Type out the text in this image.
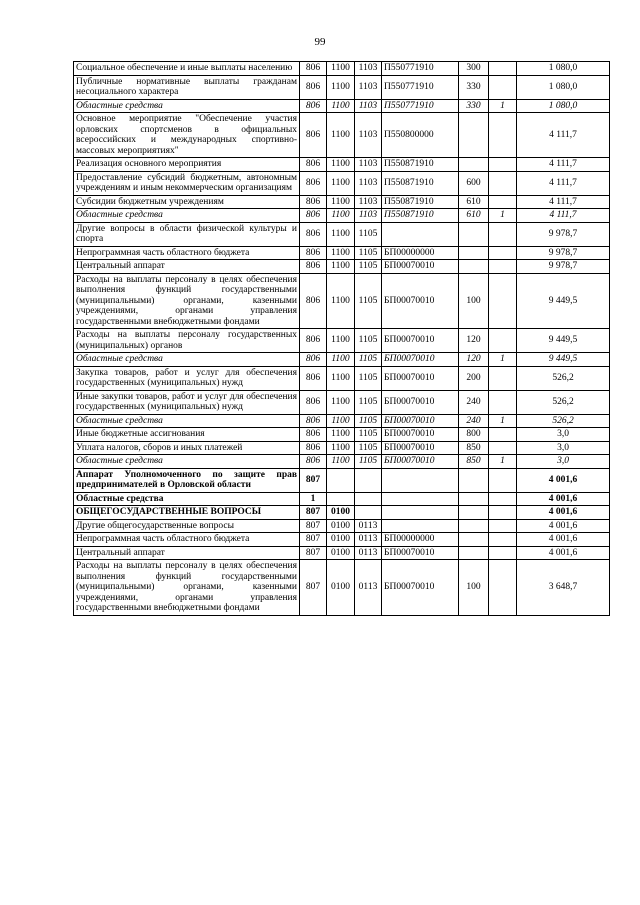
99
Социальное обеспечение и иные выплаты населению	806	1100	1103	П550771910	300		1 080,0
Публичные нормативные выплаты гражданам несоциального характера	806	1100	1103	П550771910	330		1 080,0
Областные средства	806	1100	1103	П550771910	330	1	1 080,0
Основное мероприятие "Обеспечение участия орловских спортсменов в официальных всероссийских и международных спортивно-массовых мероприятиях"	806	1100	1103	П550800000			4 111,7
Реализация основного мероприятия	806	1100	1103	П550871910			4 111,7
Предоставление субсидий бюджетным, автономным учреждениям и иным некоммерческим организациям	806	1100	1103	П550871910	600		4 111,7
Субсидии бюджетным учреждениям	806	1100	1103	П550871910	610		4 111,7
Областные средства	806	1100	1103	П550871910	610	1	4 111,7
Другие вопросы в области физической культуры и спорта	806	1100	1105				9 978,7
Непрограммная часть областного бюджета	806	1100	1105	БП00000000			9 978,7
Центральный аппарат	806	1100	1105	БП00070010			9 978,7
Расходы на выплаты персоналу в целях обеспечения выполнения функций государственными (муниципальными) органами, казенными учреждениями, органами управления государственными внебюджетными фондами	806	1100	1105	БП00070010	100		9 449,5
Расходы на выплаты персоналу государственных (муниципальных) органов	806	1100	1105	БП00070010	120		9 449,5
Областные средства	806	1100	1105	БП00070010	120	1	9 449,5
Закупка товаров, работ и услуг для обеспечения государственных (муниципальных) нужд	806	1100	1105	БП00070010	200		526,2
Иные закупки товаров, работ и услуг для обеспечения государственных (муниципальных) нужд	806	1100	1105	БП00070010	240		526,2
Областные средства	806	1100	1105	БП00070010	240	1	526,2
Иные бюджетные ассигнования	806	1100	1105	БП00070010	800		3,0
Уплата налогов, сборов и иных платежей	806	1100	1105	БП00070010	850		3,0
Областные средства	806	1100	1105	БП00070010	850	1	3,0
Аппарат Уполномоченного по защите прав предпринимателей в Орловской области	807						4 001,6
Областные средства	1						4 001,6
ОБЩЕГОСУДАРСТВЕННЫЕ ВОПРОСЫ	807	0100					4 001,6
Другие общегосударственные вопросы	807	0100	0113				4 001,6
Непрограммная часть областного бюджета	807	0100	0113	БП00000000			4 001,6
Центральный аппарат	807	0100	0113	БП00070010			4 001,6
Расходы на выплаты персоналу в целях обеспечения выполнения функций государственными (муниципальными) органами, казенными учреждениями, органами управления государственными внебюджетными фондами	807	0100	0113	БП00070010	100		3 648,7
